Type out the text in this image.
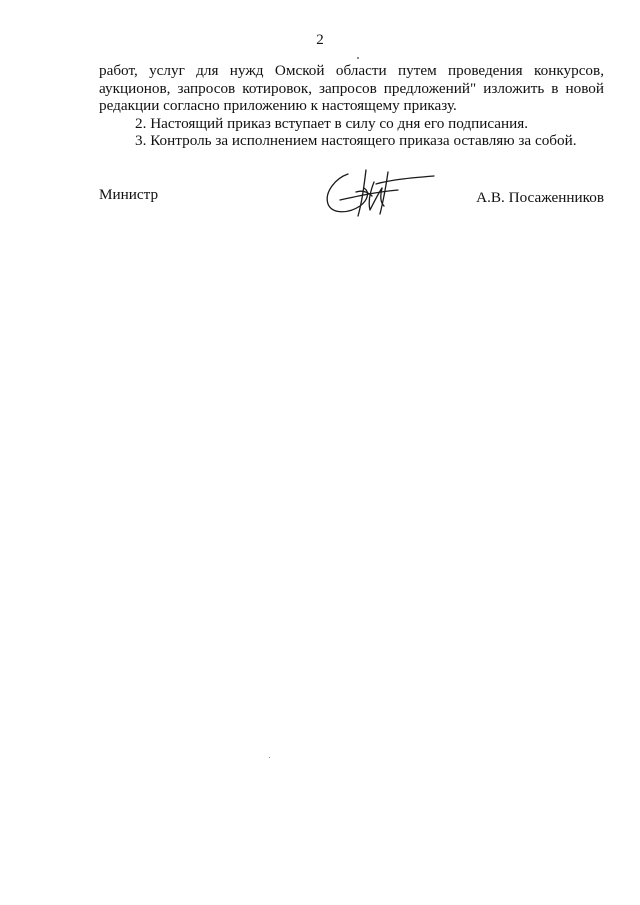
2

работ, услуг для нужд Омской области путем проведения конкурсов, аукционов, запросов котировок, запросов предложений" изложить в новой редакции согласно приложению к настоящему приказу.

2. Настоящий приказ вступает в силу со дня его подписания.

3. Контроль за исполнением настоящего приказа оставляю за собой.

Министр	А.В. Посаженников
